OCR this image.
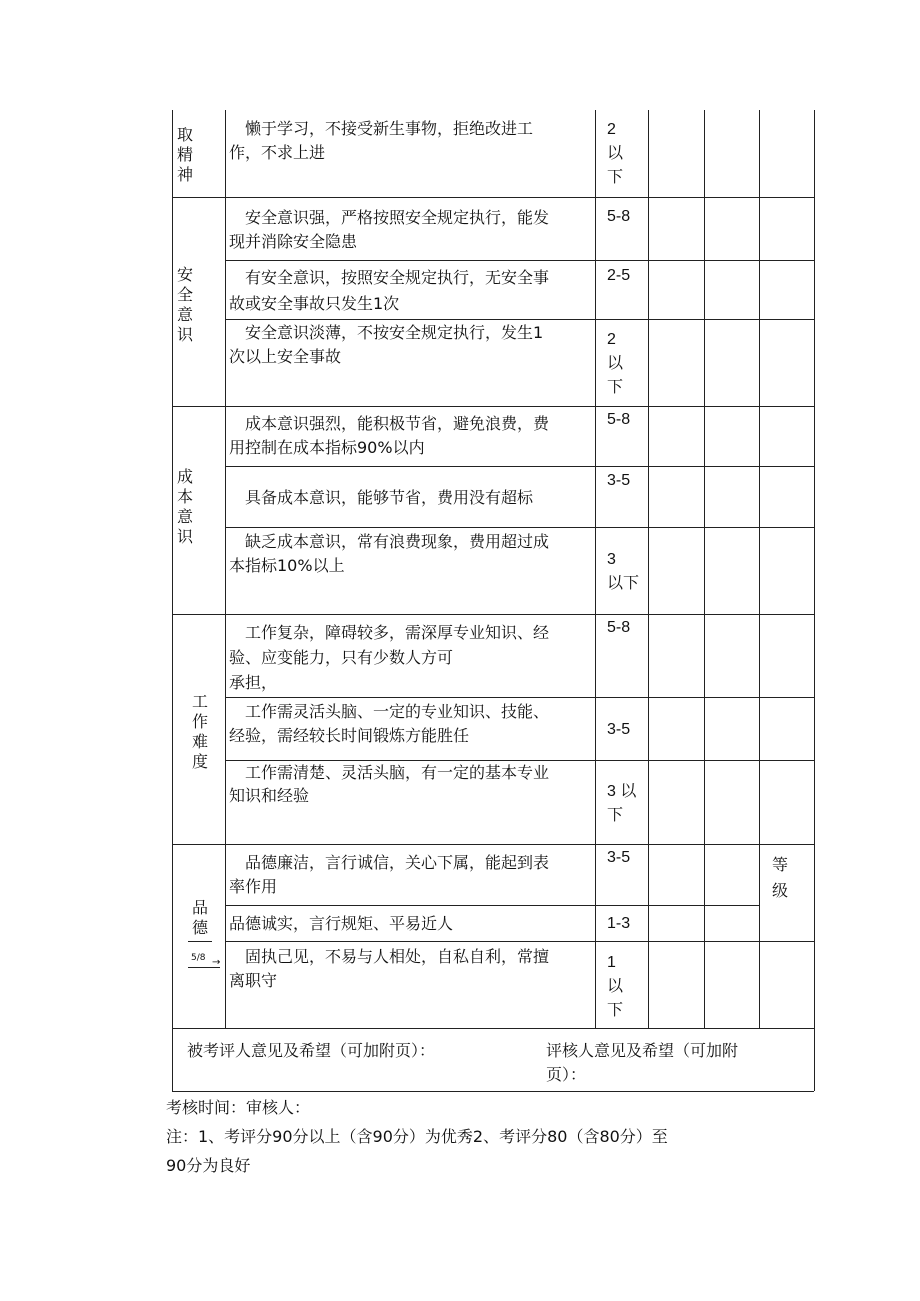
取精神
安全意识
成本意识
工作难度
品德
5/8 →
　懒于学习，不接受新生事物，拒绝改进工
作，不求上进
　安全意识强，严格按照安全规定执行，能发
现并消除安全隐患
　有安全意识，按照安全规定执行，无安全事
故或安全事故只发生1次
　安全意识淡薄，不按安全规定执行，发生1
次以上安全事故
　成本意识强烈，能积极节省，避免浪费，费
用控制在成本指标90%以内
　具备成本意识，能够节省，费用没有超标
　缺乏成本意识，常有浪费现象，费用超过成
本指标10%以上
　工作复杂，障碍较多，需深厚专业知识、经
验、应变能力，只有少数人方可
承担，
　工作需灵活头脑、一定的专业知识、技能、
经验，需经较长时间锻炼方能胜任
　工作需清楚、灵活头脑，有一定的基本专业
知识和经验
　品德廉洁，言行诚信，关心下属，能起到表
率作用
品德诚实，言行规矩、平易近人
　固执己见，不易与人相处，自私自利，常擅
离职守
2
以
下
5-8
2-5
2
以
下
5-8
3-5
3
以下
5-8
3-5
3 以
下
3-5
1-3
1
以
下
等级
被考评人意见及希望（可加附页）：	评核人意见及希望（可加附
页）：
考核时间：审核人：
注：1、考评分90分以上（含90分）为优秀2、考评分80（含80分）至
90分为良好
